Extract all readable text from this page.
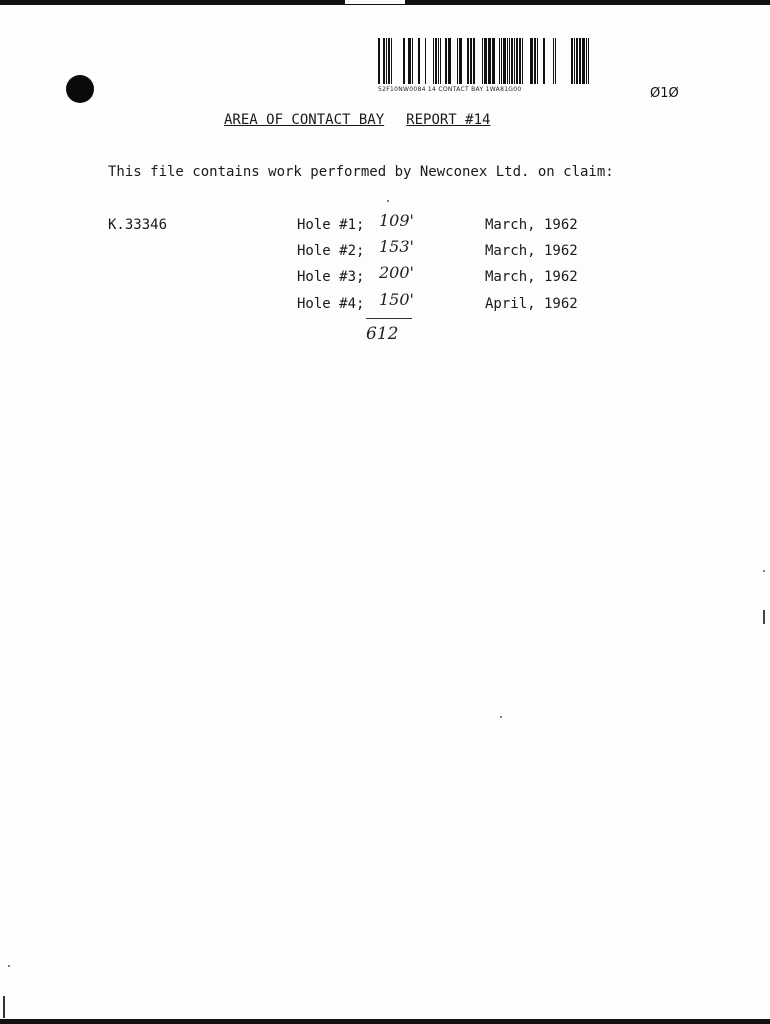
52F10NW0084 14 CONTACT BAY 1WA81G00	Ø1Ø
AREA OF CONTACT BAY REPORT #14
This file contains work performed by Newconex Ltd. on claim:
K.33346	Hole #1; 109'	March, 1962
Hole #2; 153'	March, 1962
Hole #3; 200'	March, 1962
Hole #4; 150'	April, 1962
612
